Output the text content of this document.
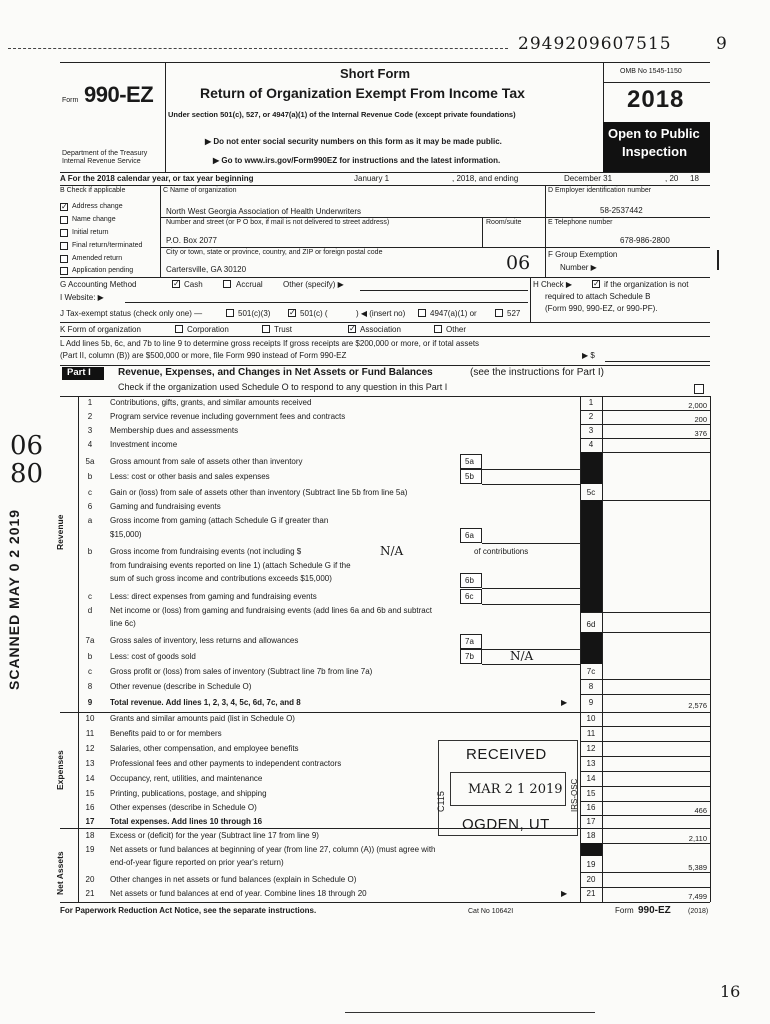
2949209607515	9
Form 990-EZ
Department of the Treasury
Internal Revenue Service
Short Form
Return of Organization Exempt From Income Tax
Under section 501(c), 527, or 4947(a)(1) of the Internal Revenue Code (except private foundations)
▶ Do not enter social security numbers on this form as it may be made public.
▶ Go to www.irs.gov/Form990EZ for instructions and the latest information.
OMB No 1545-1150
2018
Open to Public
Inspection
A For the 2018 calendar year, or tax year beginning	January 1	, 2018, and ending	December 31	, 20 18
B Check if applicable
✓ Address change
Name change
Initial return
Final return/terminated
Amended return
Application pending
C Name of organization
North West Georgia Association of Health Underwriters
Number and street (or P O box, if mail is not delivered to street address)	Room/suite
P.O. Box 2077
City or town, state or province, country, and ZIP or foreign postal code
Cartersville, GA 30120	06
D Employer identification number
58-2537442
E Telephone number
678-986-2800
F Group Exemption
Number ▶
G Accounting Method	✓ Cash	Accrual	Other (specify) ▶	H Check ▶	✓ if the organization is not
required to attach Schedule B
(Form 990, 990-EZ, or 990-PF).
I Website: ▶
J Tax-exempt status (check only one) —	501(c)(3) ✓ 501(c) (	) ◀ (insert no)	4947(a)(1) or	527
K Form of organization	Corporation	Trust	✓ Association	Other
L Add lines 5b, 6c, and 7b to line 9 to determine gross receipts If gross receipts are $200,000 or more, or if total assets
(Part II, column (B)) are $500,000 or more, file Form 990 instead of Form 990-EZ	▶ $
Part I	Revenue, Expenses, and Changes in Net Assets or Fund Balances	(see the instructions for Part I)
Check if the organization used Schedule O to respond to any question in this Part I
Revenue
Expenses
Net Assets
1	Contributions, gifts, grants, and similar amounts received	1	2,000
2	Program service revenue including government fees and contracts	2	200
3	Membership dues and assessments	3	376
4	Investment income	4
5a	Gross amount from sale of assets other than inventory	5a
b	Less: cost or other basis and sales expenses	5b
c	Gain or (loss) from sale of assets other than inventory (Subtract line 5b from line 5a)	5c
6	Gaming and fundraising events
a	Gross income from gaming (attach Schedule G if greater than
$15,000)	6a
b	Gross income from fundraising events (not including $	N/A	of contributions
from fundraising events reported on line 1) (attach Schedule G if the
sum of such gross income and contributions exceeds $15,000)	6b
c	Less: direct expenses from gaming and fundraising events	6c
d	Net income or (loss) from gaming and fundraising events (add lines 6a and 6b and subtract
line 6c)	6d
7a	Gross sales of inventory, less returns and allowances	7a
b	Less: cost of goods sold	7b	N/A
c	Gross profit or (loss) from sales of inventory (Subtract line 7b from line 7a)	7c
8	Other revenue (describe in Schedule O)	8
9	Total revenue. Add lines 1, 2, 3, 4, 5c, 6d, 7c, and 8	▶	9	2,576
10	Grants and similar amounts paid (list in Schedule O)	10
11	Benefits paid to or for members	11
12	Salaries, other compensation, and employee benefits	12
13	Professional fees and other payments to independent contractors	13
14	Occupancy, rent, utilities, and maintenance	14
15	Printing, publications, postage, and shipping	15
16	Other expenses (describe in Schedule O)	16	466
17	Total expenses. Add lines 10 through 16	17
18	Excess or (deficit) for the year (Subtract line 17 from line 9)	18	2,110
19	Net assets or fund balances at beginning of year (from line 27, column (A)) (must agree with
end-of-year figure reported on prior year's return)	19	5,389
20	Other changes in net assets or fund balances (explain in Schedule O)	20
21	Net assets or fund balances at end of year. Combine lines 18 through 20	▶	21	7,499
RECEIVED
MAR 2 1 2019
OGDEN, UT
C115	IRS-OSC
SCANNED MAY 0 2 2019
06 80
For Paperwork Reduction Act Notice, see the separate instructions.	Cat No 10642I	Form 990-EZ (2018)
16
